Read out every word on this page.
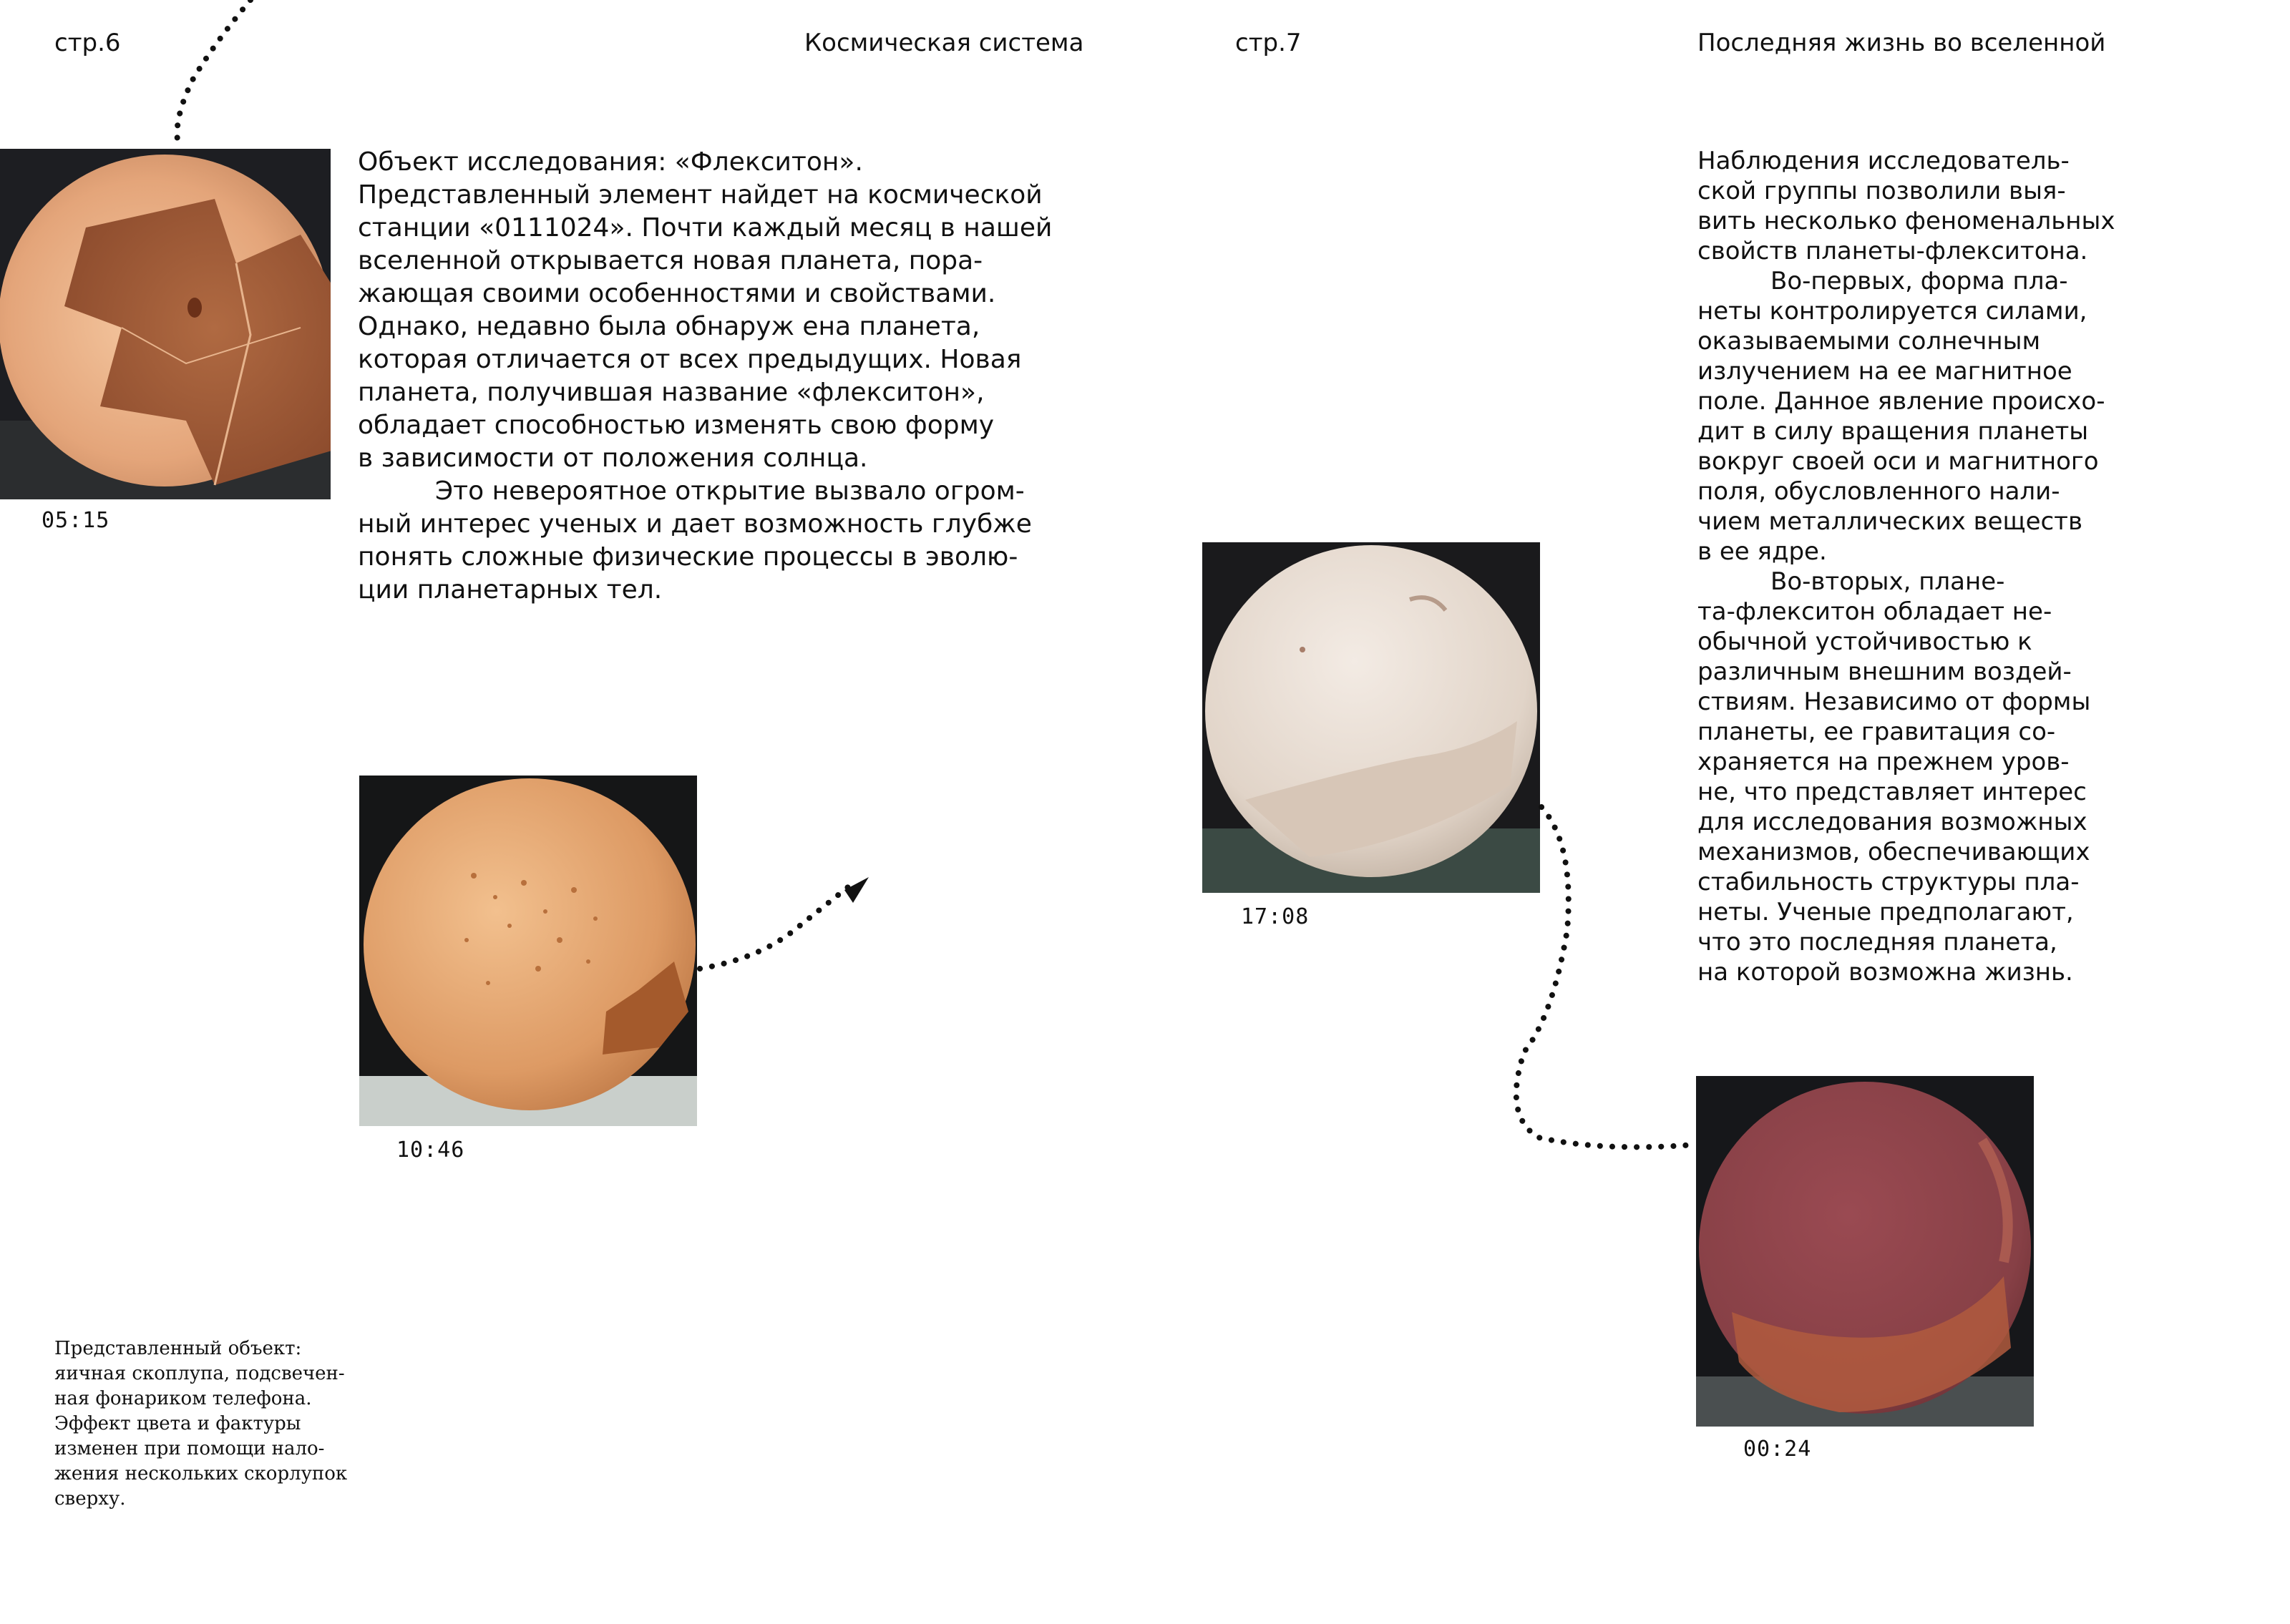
стр.6	Космическая система
05:15
Объект исследования: «Флекситон».
Представленный элемент найдет на космической
станции «0111024». Почти каждый месяц в нашей
вселенной открывается новая планета, пора-
жающая своими особенностями и свойствами.
Однако, недавно была обнаруж ена планета,
которая отличается от всех предыдущих. Новая
планета, получившая название «флекситон»,
обладает способностью изменять свою форму
в зависимости от положения солнца.
   Это невероятное открытие вызвало огром-
ный интерес ученых и дает возможность глубже
понять сложные физические процессы в эволю-
ции планетарных тел.
10:46
Представленный объект:
яичная скоплупа, подсвечен-
ная фонариком телефона.
Эффект цвета и фактуры
изменен при помощи нало-
жения нескольких скорлупок
сверху.
стр.7	Последняя жизнь во вселенной
Наблюдения исследователь-
ской группы позволили выя-
вить несколько феноменальных
свойств планеты-флекситона.
   Во-первых, форма пла-
неты контролируется силами,
оказываемыми солнечным
излучением на ее магнитное
поле. Данное явление происхо-
дит в силу вращения планеты
вокруг своей оси и магнитного
поля, обусловленного нали-
чием металлических веществ
в ее ядре.
   Во-вторых, плане-
та-флекситон обладает не-
обычной устойчивостью к
различным внешним воздей-
ствиям. Независимо от формы
планеты, ее гравитация со-
храняется на прежнем уров-
не, что представляет интерес
для исследования возможных
механизмов, обеспечивающих
стабильность структуры пла-
неты. Ученые предполагают,
что это последняя планета,
на которой возможна жизнь.
17:08
00:24
